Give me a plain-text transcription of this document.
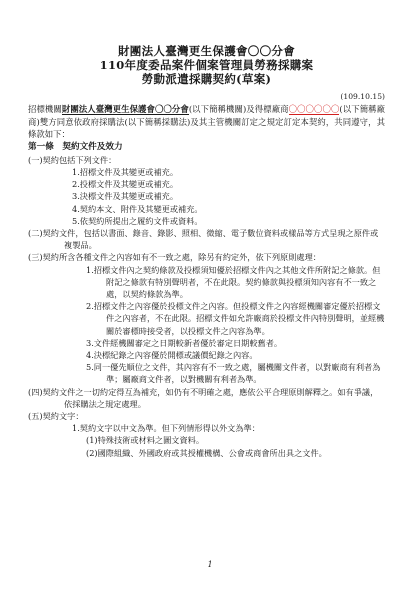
財團法人臺灣更生保護會〇〇分會
110年度委品案件個案管理員勞務採購案
勞動派遣採購契約(草案)
(109.10.15)
招標機關財團法人臺灣更生保護會〇〇分會(以下簡稱機關)及得標廠商〇〇〇〇〇〇(以下簡稱廠商)雙方同意依政府採購法(以下簡稱採購法)及其主管機關訂定之規定訂定本契約，共同遵守，其條款如下：
第一條　契約文件及效力
(一)契約包括下列文件：
1.招標文件及其變更或補充。
2.投標文件及其變更或補充。
3.決標文件及其變更或補充。
4.契約本文、附件及其變更或補充。
5.依契約所提出之履約文件或資料。
(二)契約文件，包括以書面、錄音、錄影、照相、微縮、電子數位資料或樣品等方式呈現之原件或複製品。
(三)契約所含各種文件之內容如有不一致之處，除另有約定外，依下列原則處理：
1.招標文件內之契約條款及投標須知優於招標文件內之其他文件所附記之條款。但附記之條款有特別聲明者，不在此限。契約條款與投標須知內容有不一致之處，以契約條款為準。
2.招標文件之內容優於投標文件之內容。但投標文件之內容經機關審定優於招標文件之內容者，不在此限。招標文件如允許廠商於投標文件內特別聲明，並經機關於審標時接受者，以投標文件之內容為準。
3.文件經機關審定之日期較新者優於審定日期較舊者。
4.決標紀錄之內容優於開標或議價紀錄之內容。
5.同一優先順位之文件，其內容有不一致之處，屬機關文件者，以對廠商有利者為準；屬廠商文件者，以對機關有利者為準。
(四)契約文件之一切約定得互為補充，如仍有不明確之處，應依公平合理原則解釋之。如有爭議，依採購法之規定處理。
(五)契約文字：
1.契約文字以中文為準。但下列情形得以外文為準：
(1)特殊技術或材料之圖文資料。
(2)國際組織、外國政府或其授權機構、公會或商會所出具之文件。
1
